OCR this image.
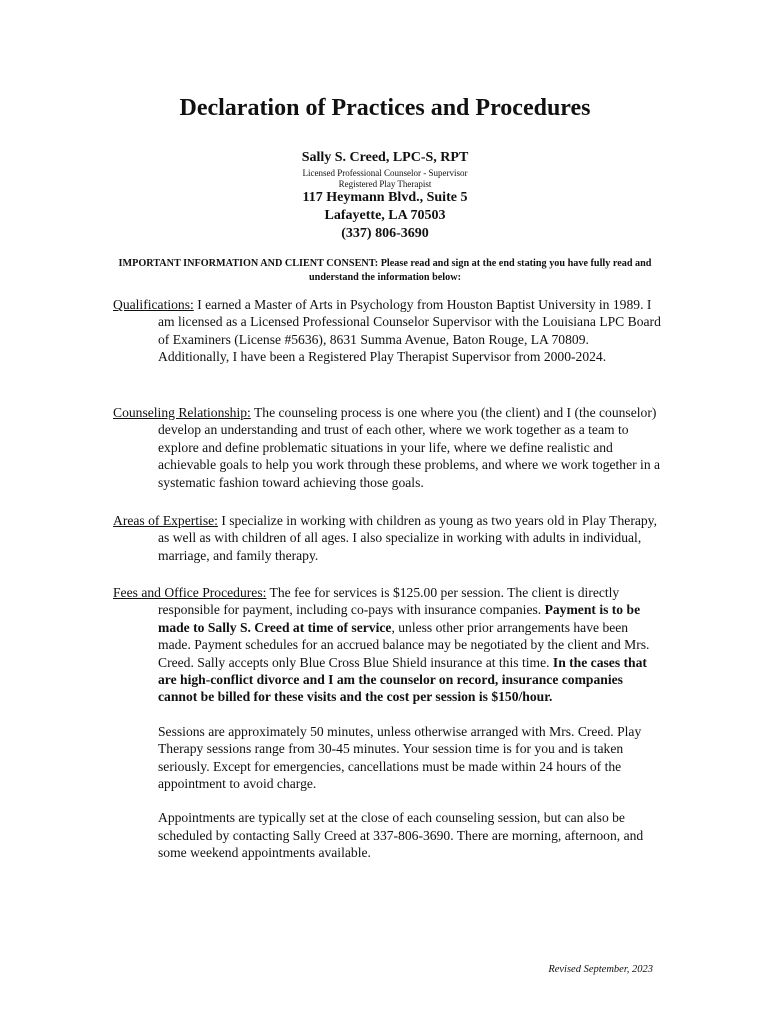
Declaration of Practices and Procedures
Sally S. Creed, LPC-S, RPT
Licensed Professional Counselor - Supervisor
Registered Play Therapist
117 Heymann Blvd., Suite 5
Lafayette, LA 70503
(337) 806-3690
IMPORTANT INFORMATION AND CLIENT CONSENT: Please read and sign at the end stating you have fully read and understand the information below:
Qualifications: I earned a Master of Arts in Psychology from Houston Baptist University in 1989. I am licensed as a Licensed Professional Counselor Supervisor with the Louisiana LPC Board of Examiners (License #5636), 8631 Summa Avenue, Baton Rouge, LA 70809. Additionally, I have been a Registered Play Therapist Supervisor from 2000-2024.
Counseling Relationship: The counseling process is one where you (the client) and I (the counselor) develop an understanding and trust of each other, where we work together as a team to explore and define problematic situations in your life, where we define realistic and achievable goals to help you work through these problems, and where we work together in a systematic fashion toward achieving those goals.
Areas of Expertise: I specialize in working with children as young as two years old in Play Therapy, as well as with children of all ages. I also specialize in working with adults in individual, marriage, and family therapy.
Fees and Office Procedures: The fee for services is $125.00 per session. The client is directly responsible for payment, including co-pays with insurance companies. Payment is to be made to Sally S. Creed at time of service, unless other prior arrangements have been made. Payment schedules for an accrued balance may be negotiated by the client and Mrs. Creed. Sally accepts only Blue Cross Blue Shield insurance at this time. In the cases that are high-conflict divorce and I am the counselor on record, insurance companies cannot be billed for these visits and the cost per session is $150/hour.
Sessions are approximately 50 minutes, unless otherwise arranged with Mrs. Creed. Play Therapy sessions range from 30-45 minutes. Your session time is for you and is taken seriously. Except for emergencies, cancellations must be made within 24 hours of the appointment to avoid charge.
Appointments are typically set at the close of each counseling session, but can also be scheduled by contacting Sally Creed at 337-806-3690. There are morning, afternoon, and some weekend appointments available.
Revised September, 2023
